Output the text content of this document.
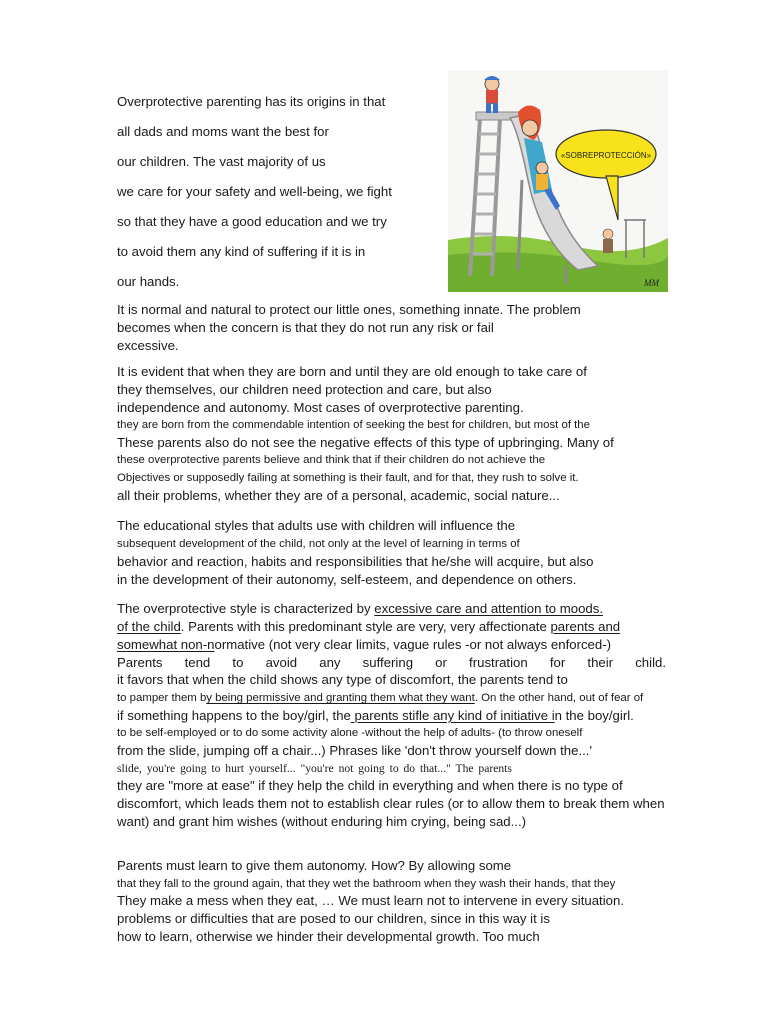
«SOBREPROTECCIÓN»
MM

Overprotective parenting has its origins in that

all dads and moms want the best for

our children. The vast majority of us

we care for your safety and well-being, we fight

so that they have a good education and we try

to avoid them any kind of suffering if it is in

our hands.

It is normal and natural to protect our little ones, something innate. The problem

becomes when the concern is that they do not run any risk or fail

excessive.

It is evident that when they are born and until they are old enough to take care of

they themselves, our children need protection and care, but also

independence and autonomy. Most cases of overprotective parenting.

they are born from the commendable intention of seeking the best for children, but most of the

These parents also do not see the negative effects of this type of upbringing. Many of

these overprotective parents believe and think that if their children do not achieve the

Objectives or supposedly failing at something is their fault, and for that, they rush to solve it.

all their problems, whether they are of a personal, academic, social nature...

The educational styles that adults use with children will influence the

subsequent development of the child, not only at the level of learning in terms of

behavior and reaction, habits and responsibilities that he/she will acquire, but also

in the development of their autonomy, self-esteem, and dependence on others.

The overprotective style is characterized by excessive care and attention to moods.

of the child. Parents with this predominant style are very, very affectionate parents and

somewhat non-normative (not very clear limits, vague rules -or not always enforced-)

Parents tend to avoid any suffering or frustration for their child.

it favors that when the child shows any type of discomfort, the parents tend to

to pamper them by being permissive and granting them what they want. On the other hand, out of fear of

if something happens to the boy/girl, the parents stifle any kind of initiative in the boy/girl.

to be self-employed or to do some activity alone -without the help of adults- (to throw oneself

from the slide, jumping off a chair...) Phrases like 'don't throw yourself down the...'

slide, you're going to hurt yourself... "you're not going to do that..." The parents

they are "more at ease" if they help the child in everything and when there is no type of

discomfort, which leads them not to establish clear rules (or to allow them to break them when

want) and grant him wishes (without enduring him crying, being sad...)

Parents must learn to give them autonomy. How? By allowing some

that they fall to the ground again, that they wet the bathroom when they wash their hands, that they

They make a mess when they eat, … We must learn not to intervene in every situation.

problems or difficulties that are posed to our children, since in this way it is

how to learn, otherwise we hinder their developmental growth. Too much
